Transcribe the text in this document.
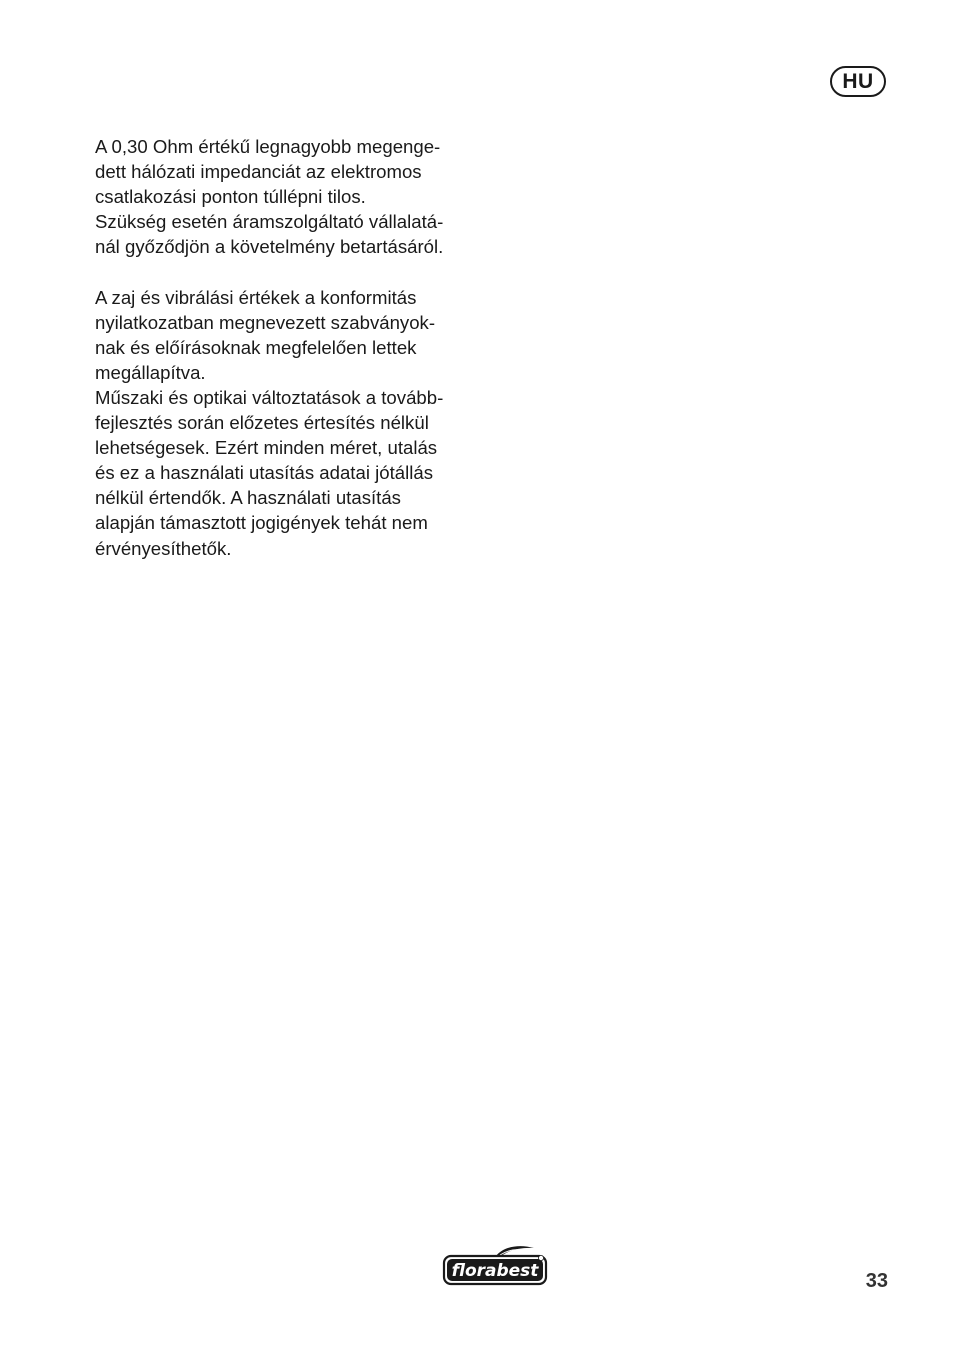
HU
A 0,30 Ohm értékű legnagyobb megenge-
dett hálózati impedanciát az elektromos
csatlakozási ponton túllépni tilos.
Szükség esetén áramszolgáltató vállalatá-
nál győződjön a követelmény betartásáról.
A zaj és vibrálási értékek a konformitás
nyilatkozatban megnevezett szabványok-
nak és előírásoknak megfelelően lettek
megállapítva.
Műszaki és optikai változtatások a tovább-
fejlesztés során előzetes értesítés nélkül
lehetségesek. Ezért minden méret, utalás
és ez a használati utasítás adatai jótállás
nélkül értendők. A használati utasítás
alapján támasztott jogigények tehát nem
érvényesíthetők.
florabest	33
